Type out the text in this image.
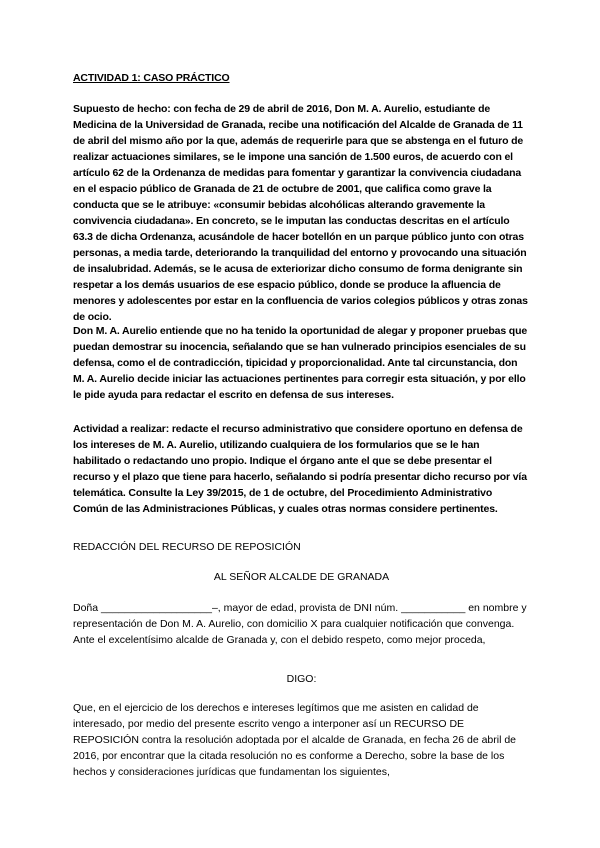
ACTIVIDAD 1: CASO PRÁCTICO

Supuesto de hecho: con fecha de 29 de abril de 2016, Don M. A. Aurelio, estudiante de Medicina de la Universidad de Granada, recibe una notificación del Alcalde de Granada de 11 de abril del mismo año por la que, además de requerirle para que se abstenga en el futuro de realizar actuaciones similares, se le impone una sanción de 1.500 euros, de acuerdo con el artículo 62 de la Ordenanza de medidas para fomentar y garantizar la convivencia ciudadana en el espacio público de Granada de 21 de octubre de 2001, que califica como grave la conducta que se le atribuye: «consumir bebidas alcohólicas alterando gravemente la convivencia ciudadana». En concreto, se le imputan las conductas descritas en el artículo 63.3 de dicha Ordenanza, acusándole de hacer botellón en un parque público junto con otras personas, a media tarde, deteriorando la tranquilidad del entorno y provocando una situación de insalubridad. Además, se le acusa de exteriorizar dicho consumo de forma denigrante sin respetar a los demás usuarios de ese espacio público, donde se produce la afluencia de menores y adolescentes por estar en la confluencia de varios colegios públicos y otras zonas de ocio.

Don M. A. Aurelio entiende que no ha tenido la oportunidad de alegar y proponer pruebas que puedan demostrar su inocencia, señalando que se han vulnerado principios esenciales de su defensa, como el de contradicción, tipicidad y proporcionalidad. Ante tal circunstancia, don M. A. Aurelio decide iniciar las actuaciones pertinentes para corregir esta situación, y por ello le pide ayuda para redactar el escrito en defensa de sus intereses.

Actividad a realizar: redacte el recurso administrativo que considere oportuno en defensa de los intereses de M. A. Aurelio, utilizando cualquiera de los formularios que se le han habilitado o redactando uno propio. Indique el órgano ante el que se debe presentar el recurso y el plazo que tiene para hacerlo, señalando si podría presentar dicho recurso por vía telemática. Consulte la Ley 39/2015, de 1 de octubre, del Procedimiento Administrativo Común de las Administraciones Públicas, y cuales otras normas considere pertinentes.

REDACCIÓN DEL RECURSO DE REPOSICIÓN

AL SEÑOR ALCALDE DE GRANADA

Doña ___________________–, mayor de edad, provista de DNI núm. ___________ en nombre y representación de Don M. A. Aurelio, con domicilio X para cualquier notificación que convenga. Ante el excelentísimo alcalde de Granada y, con el debido respeto, como mejor proceda,

DIGO:

Que, en el ejercicio de los derechos e intereses legítimos que me asisten en calidad de interesado, por medio del presente escrito vengo a interponer así un RECURSO DE REPOSICIÓN contra la resolución adoptada por el alcalde de Granada, en fecha 26 de abril de 2016, por encontrar que la citada resolución no es conforme a Derecho, sobre la base de los hechos y consideraciones jurídicas que fundamentan los siguientes,
